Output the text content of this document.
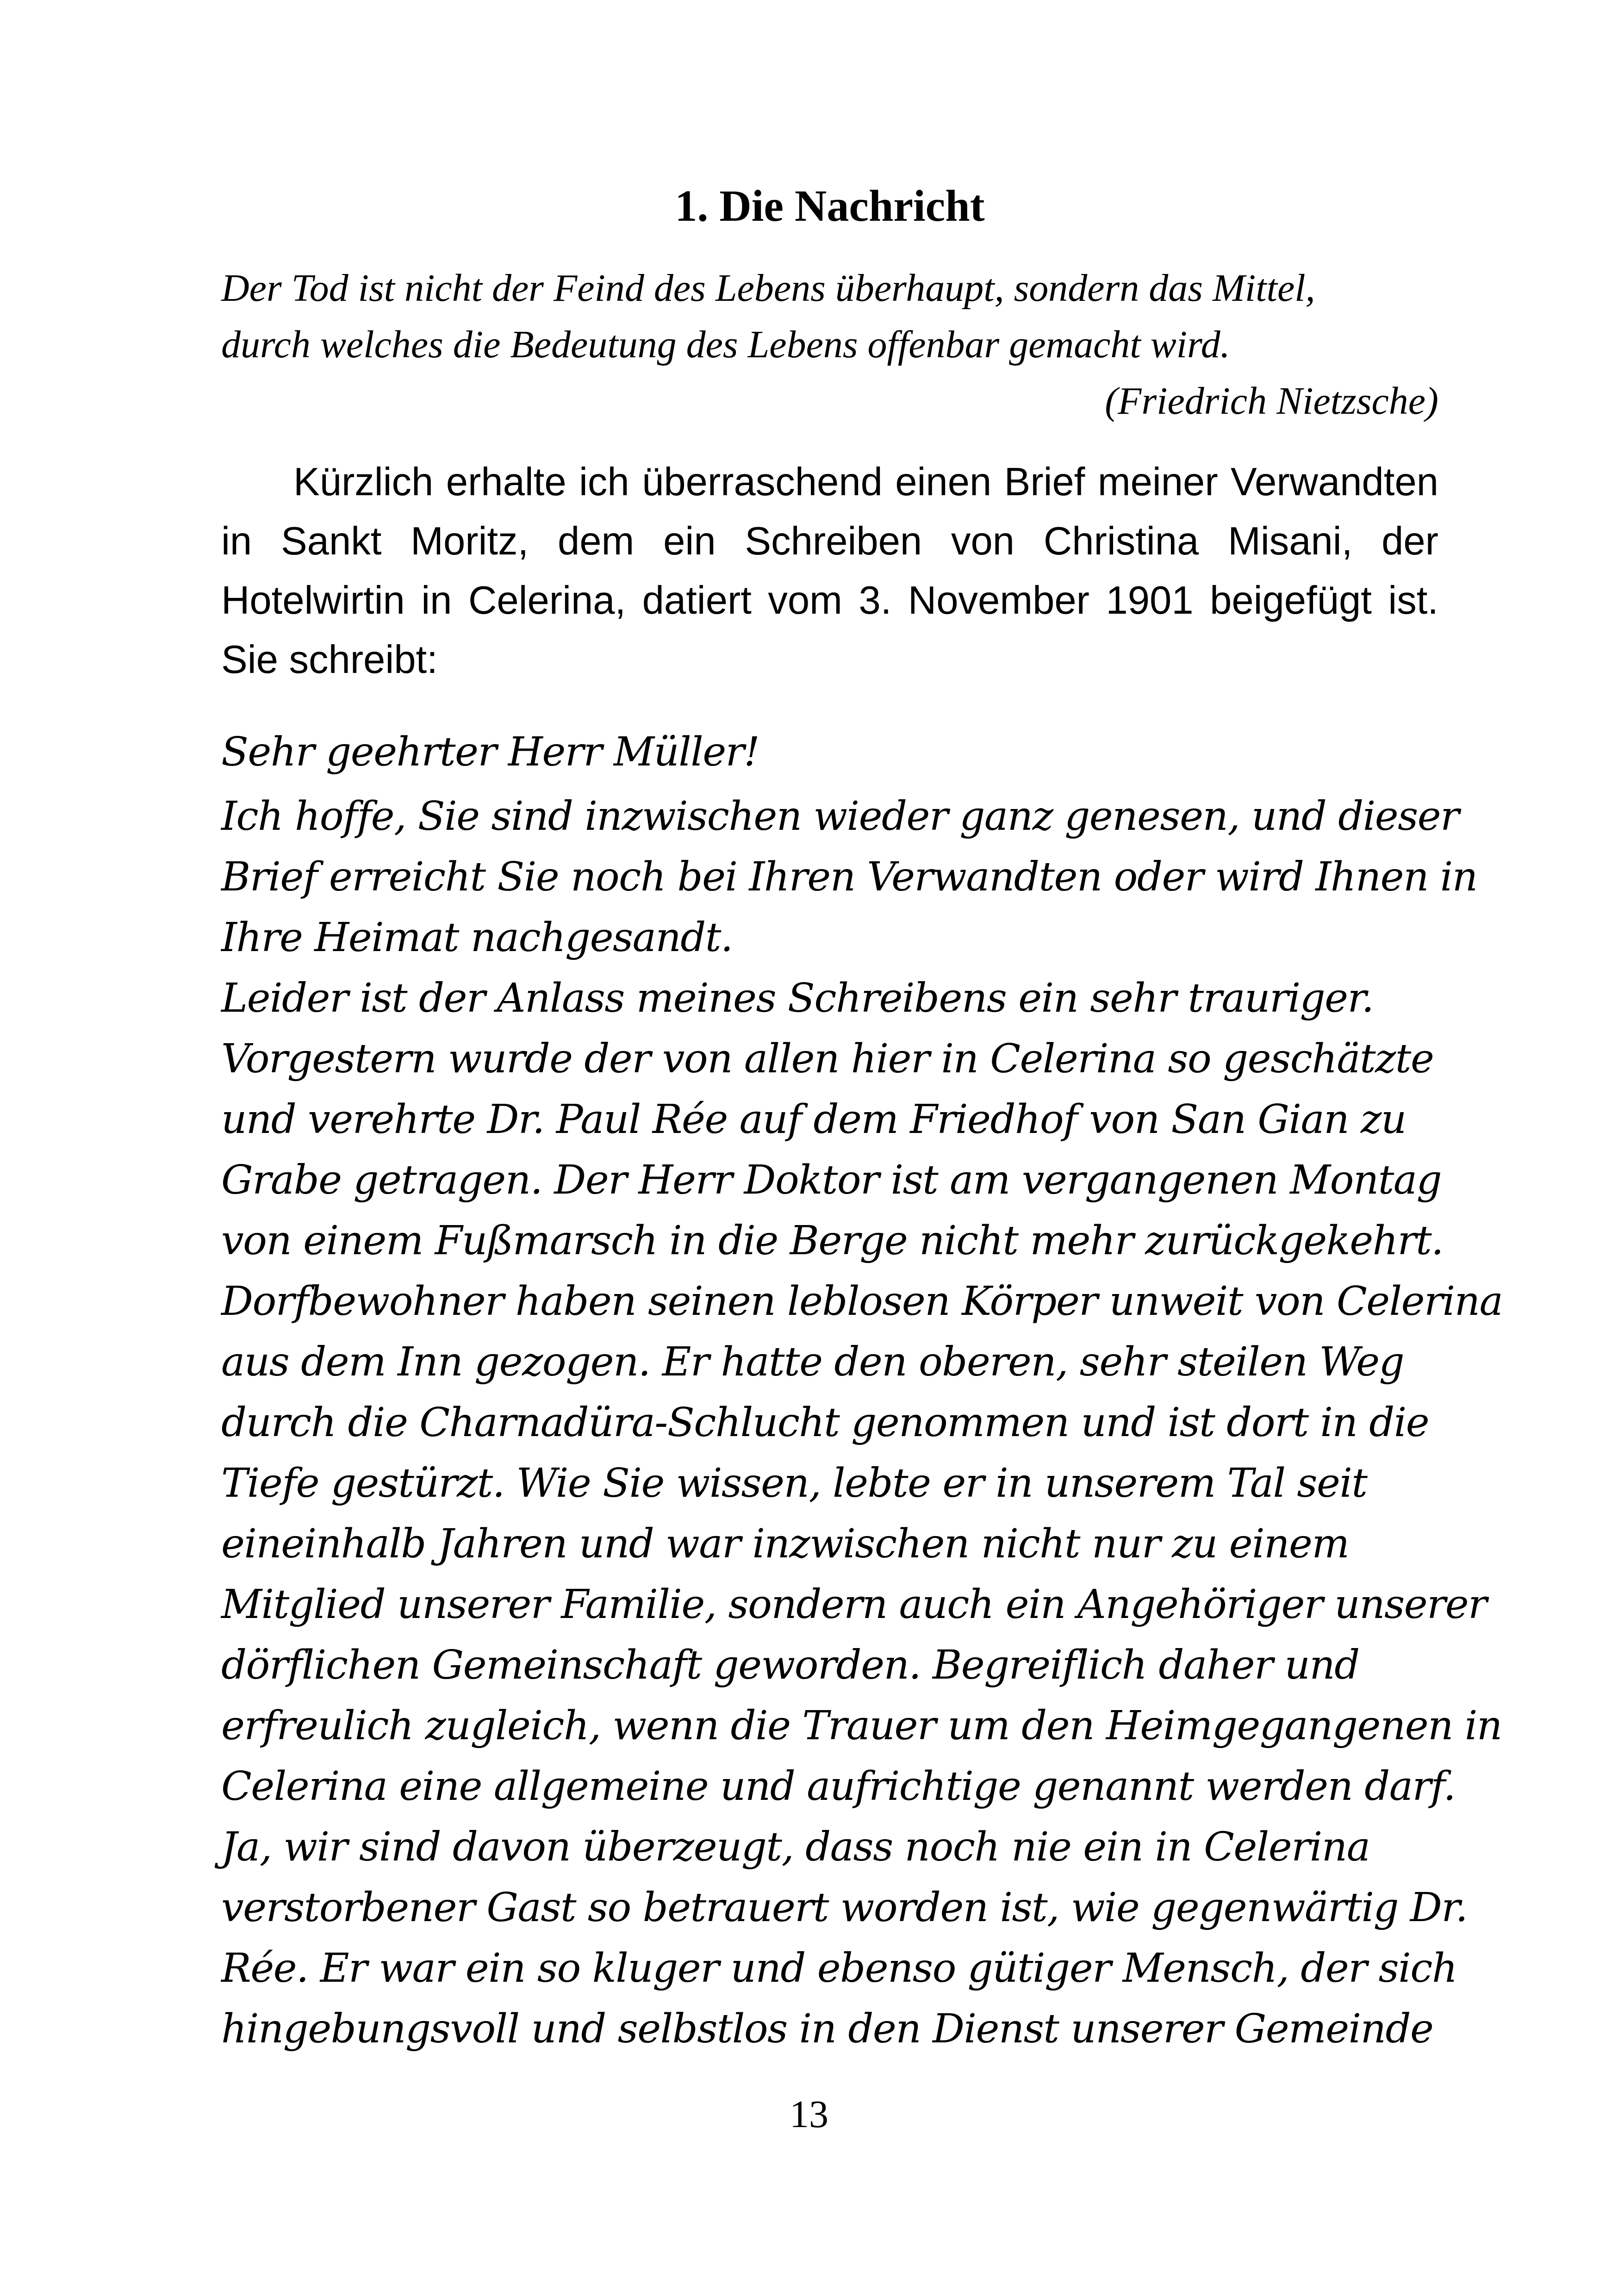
1. Die Nachricht

Der Tod ist nicht der Feind des Lebens überhaupt, sondern das Mittel,

durch welches die Bedeutung des Lebens offenbar gemacht wird.

(Friedrich Nietzsche)

Kürzlich erhalte ich überraschend einen Brief meiner Verwandten in Sankt Moritz, dem ein Schreiben von Christina Misani, der Hotelwirtin in Celerina, datiert vom 3. November 1901 beigefügt ist. Sie schreibt:

Sehr geehrter Herr Müller!

Ich hoffe, Sie sind inzwischen wieder ganz genesen, und dieser
Brief erreicht Sie noch bei Ihren Verwandten oder wird Ihnen in
Ihre Heimat nachgesandt.
Leider ist der Anlass meines Schreibens ein sehr trauriger.
Vorgestern wurde der von allen hier in Celerina so geschätzte
und verehrte Dr. Paul Rée auf dem Friedhof von San Gian zu
Grabe getragen. Der Herr Doktor ist am vergangenen Montag
von einem Fußmarsch in die Berge nicht mehr zurückgekehrt.
Dorfbewohner haben seinen leblosen Körper unweit von Celerina
aus dem Inn gezogen. Er hatte den oberen, sehr steilen Weg
durch die Charnadüra-Schlucht genommen und ist dort in die
Tiefe gestürzt. Wie Sie wissen, lebte er in unserem Tal seit
eineinhalb Jahren und war inzwischen nicht nur zu einem
Mitglied unserer Familie, sondern auch ein Angehöriger unserer
dörflichen Gemeinschaft geworden. Begreiflich daher und
erfreulich zugleich, wenn die Trauer um den Heimgegangenen in
Celerina eine allgemeine und aufrichtige genannt werden darf.
Ja, wir sind davon überzeugt, dass noch nie ein in Celerina
verstorbener Gast so betrauert worden ist, wie gegenwärtig Dr.
Rée. Er war ein so kluger und ebenso gütiger Mensch, der sich
hingebungsvoll und selbstlos in den Dienst unserer Gemeinde
13
